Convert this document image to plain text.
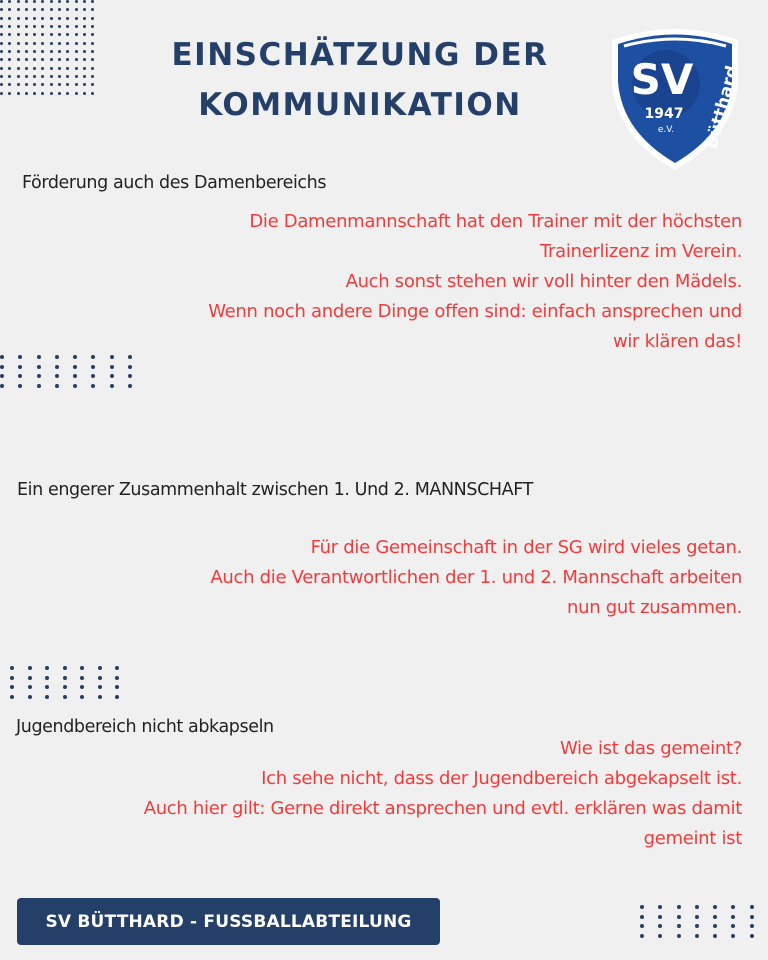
EINSCHÄTZUNG DER
KOMMUNIKATION
SV
1947
e.V. Bütthard
Förderung auch des Damenbereichs
Die Damenmannschaft hat den Trainer mit der höchsten
Trainerlizenz im Verein.
Auch sonst stehen wir voll hinter den Mädels.
Wenn noch andere Dinge offen sind: einfach ansprechen und
wir klären das!
Ein engerer Zusammenhalt zwischen 1. Und 2. MANNSCHAFT
Für die Gemeinschaft in der SG wird vieles getan.
Auch die Verantwortlichen der 1. und 2. Mannschaft arbeiten
nun gut zusammen.
Jugendbereich nicht abkapseln
Wie ist das gemeint?
Ich sehe nicht, dass der Jugendbereich abgekapselt ist.
Auch hier gilt: Gerne direkt ansprechen und evtl. erklären was damit
gemeint ist
SV BÜTTHARD - FUSSBALLABTEILUNG
